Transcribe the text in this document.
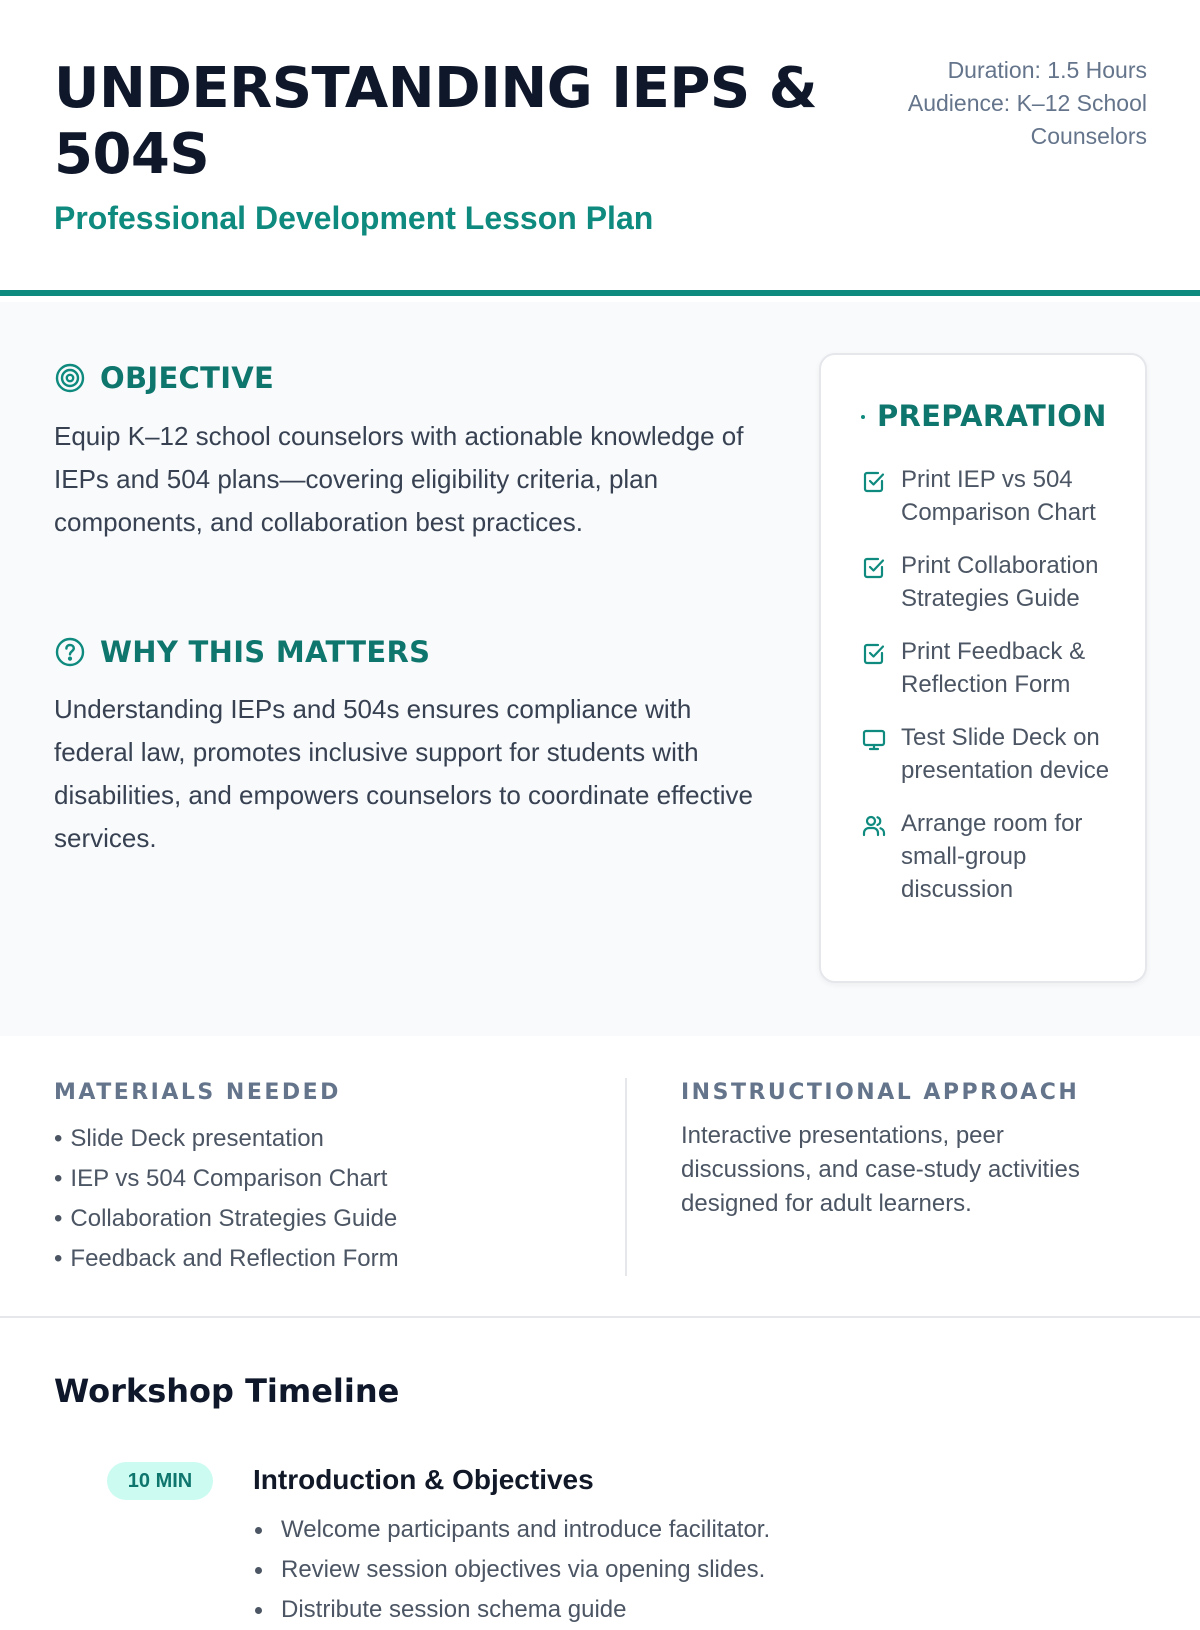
UNDERSTANDING IEPS & 504S
Professional Development Lesson Plan
Duration: 1.5 Hours
Audience: K–12 School Counselors
OBJECTIVE

Equip K–12 school counselors with actionable knowledge of IEPs and 504 plans—covering eligibility criteria, plan components, and collaboration best practices.

WHY THIS MATTERS

Understanding IEPs and 504s ensures compliance with federal law, promotes inclusive support for students with disabilities, and empowers counselors to coordinate effective services.

PREPARATION
Print IEP vs 504 Comparison Chart
Print Collaboration Strategies Guide
Print Feedback & Reflection Form
Test Slide Deck on presentation device
Arrange room for small-group discussion
MATERIALS NEEDED
• Slide Deck presentation
• IEP vs 504 Comparison Chart
• Collaboration Strategies Guide
• Feedback and Reflection Form
INSTRUCTIONAL APPROACH

Interactive presentations, peer discussions, and case-study activities designed for adult learners.

Workshop Timeline
10 MIN	Introduction & Objectives
Welcome participants and introduce facilitator.
Review session objectives via opening slides.
Distribute session schema guide
